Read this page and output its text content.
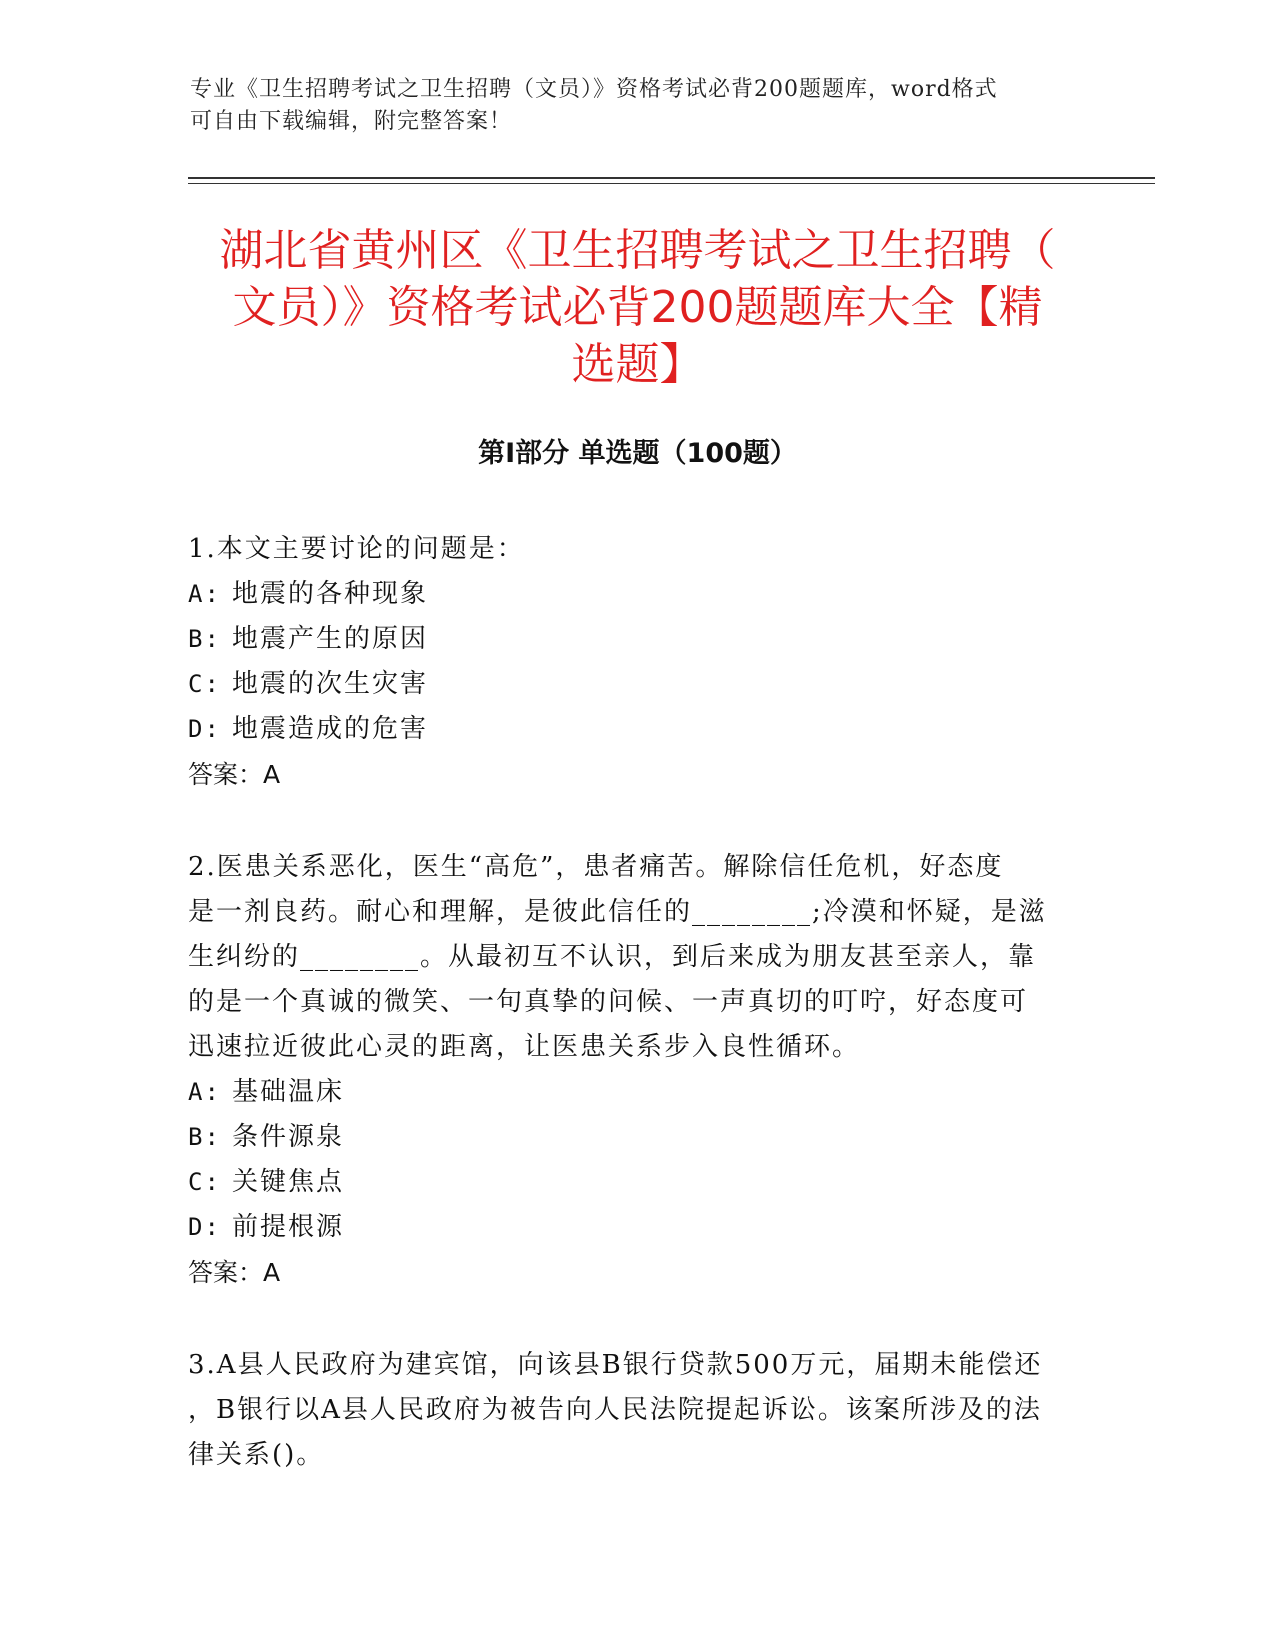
专业《卫生招聘考试之卫生招聘（文员）》资格考试必背200题题库，word格式
可自由下载编辑，附完整答案！
湖北省黄州区《卫生招聘考试之卫生招聘（
文员）》资格考试必背200题题库大全【精
选题】
第Ⅰ部分 单选题（100题）

1.本文主要讨论的问题是：

A: 地震的各种现象

B: 地震产生的原因

C: 地震的次生灾害

D: 地震造成的危害

答案：A

2.医患关系恶化，医生“高危”，患者痛苦。解除信任危机，好态度

是一剂良药。耐心和理解，是彼此信任的________;冷漠和怀疑，是滋

生纠纷的________。从最初互不认识，到后来成为朋友甚至亲人，靠

的是一个真诚的微笑、一句真挚的问候、一声真切的叮咛，好态度可

迅速拉近彼此心灵的距离，让医患关系步入良性循环。

A: 基础温床

B: 条件源泉

C: 关键焦点

D: 前提根源

答案：A

3.A县人民政府为建宾馆，向该县B银行贷款500万元，届期未能偿还

，B银行以A县人民政府为被告向人民法院提起诉讼。该案所涉及的法

律关系()。
